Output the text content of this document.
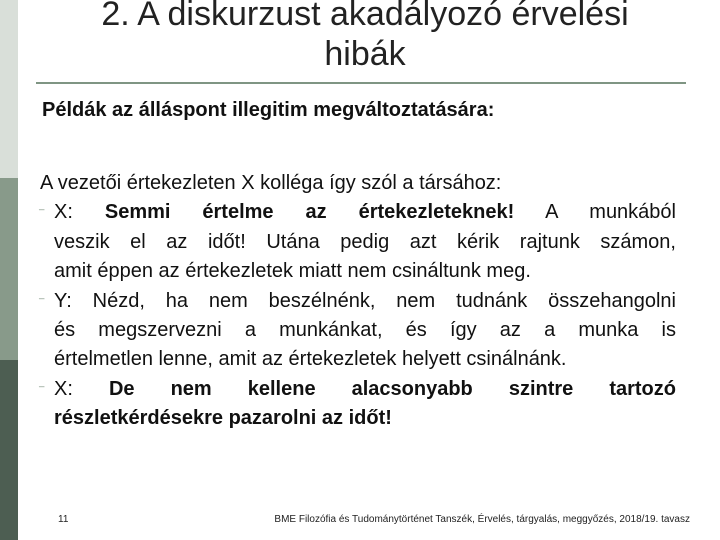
2. A diskurzust akadályozó érvelési
hibák
Példák az álláspont illegitim megváltoztatására:
A vezetői értekezleten X kolléga így szól a társához:
⁻ X: Semmi értelme az értekezleteknek! A munkából
veszik el az időt! Utána pedig azt kérik rajtunk számon,
amit éppen az értekezletek miatt nem csináltunk meg.
⁻ Y: Nézd, ha nem beszélnénk, nem tudnánk összehangolni
és megszervezni a munkánkat, és így az a munka is
értelmetlen lenne, amit az értekezletek helyett csinálnánk.
⁻ X: De nem kellene alacsonyabb szintre tartozó
részletkérdésekre pazarolni az időt!
11	BME Filozófia és Tudománytörténet Tanszék, Érvelés, tárgyalás, meggyőzés, 2018/19. tavasz
